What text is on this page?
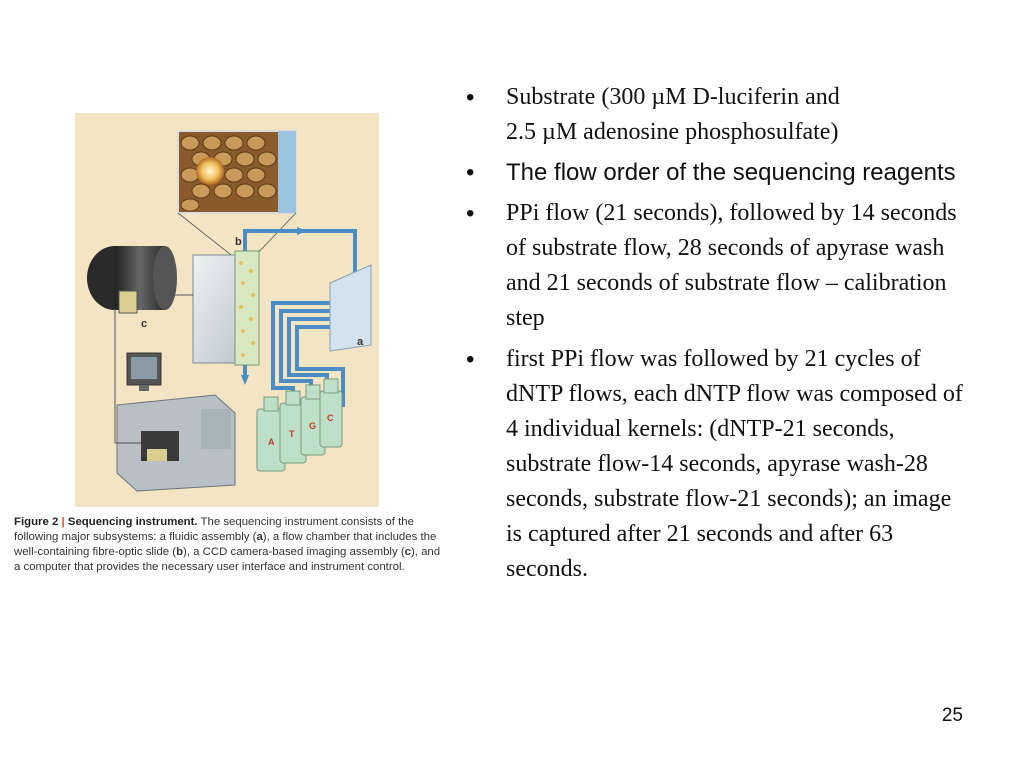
b
a
c
A
T
G
C
Figure 2 | Sequencing instrument. The sequencing instrument consists of the following major subsystems: a fluidic assembly (a), a flow chamber that includes the well-containing fibre-optic slide (b), a CCD camera-based imaging assembly (c), and a computer that provides the necessary user interface and instrument control.
• Substrate (300 µM D-luciferin and
2.5 µM adenosine phosphosulfate)
• The flow order of the sequencing reagents
• PPi flow (21 seconds), followed by 14 seconds of substrate flow, 28 seconds of apyrase wash and 21 seconds of substrate flow – calibration step
• first PPi flow was followed by 21 cycles of dNTP flows, each dNTP flow was composed of 4 individual kernels: (dNTP-21 seconds, substrate flow-14 seconds, apyrase wash-28 seconds, substrate flow-21 seconds); an image is captured after 21 seconds and after 63 seconds.
25
